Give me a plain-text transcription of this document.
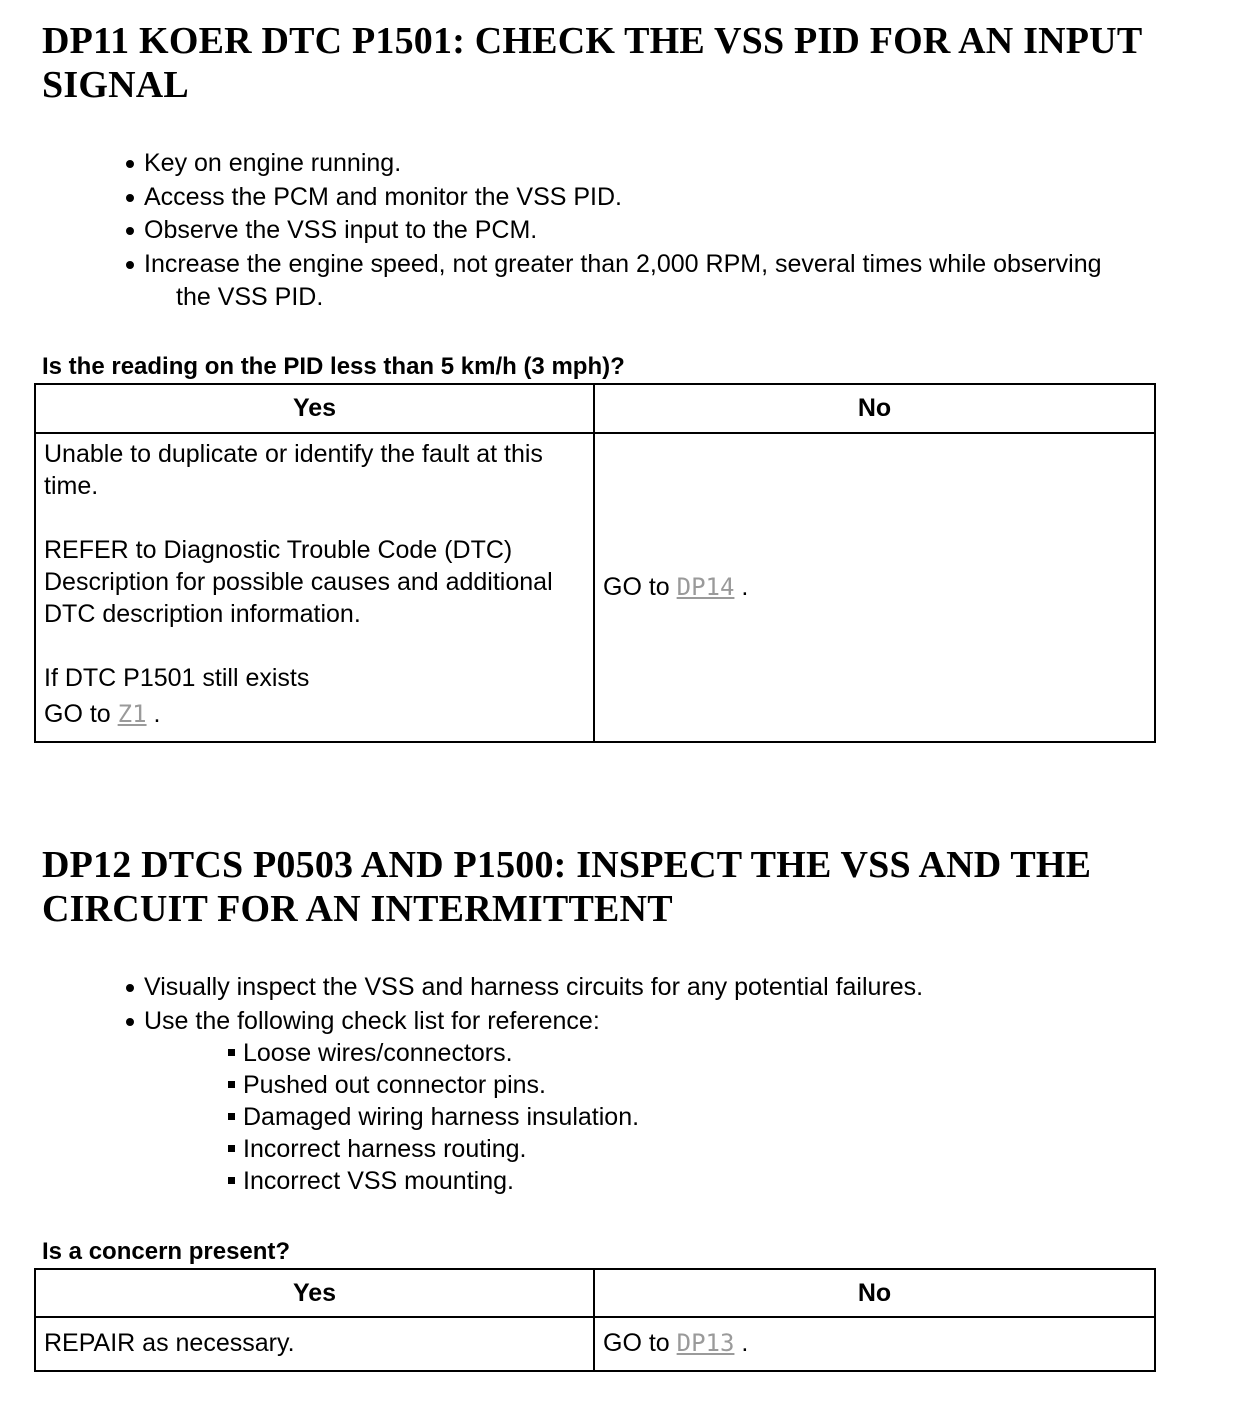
DP11 KOER DTC P1501: CHECK THE VSS PID FOR AN INPUT SIGNAL
Key on engine running.
Access the PCM and monitor the VSS PID.
Observe the VSS input to the PCM.
Increase the engine speed, not greater than 2,000 RPM, several times while observing
the VSS PID.
Is the reading on the PID less than 5 km/h (3 mph)?
Yes	No

Unable to duplicate or identify the fault at this time.
REFER to Diagnostic Trouble Code (DTC) Description for possible causes and additional DTC description information.
If DTC P1501 still exists
GO to Z1 .	GO to DP14 .
DP12 DTCS P0503 AND P1500: INSPECT THE VSS AND THE CIRCUIT FOR AN INTERMITTENT
Visually inspect the VSS and harness circuits for any potential failures.
Use the following check list for reference:
Loose wires/connectors.
Pushed out connector pins.
Damaged wiring harness insulation.
Incorrect harness routing.
Incorrect VSS mounting.
Is a concern present?
Yes	No
REPAIR as necessary.	GO to DP13 .
